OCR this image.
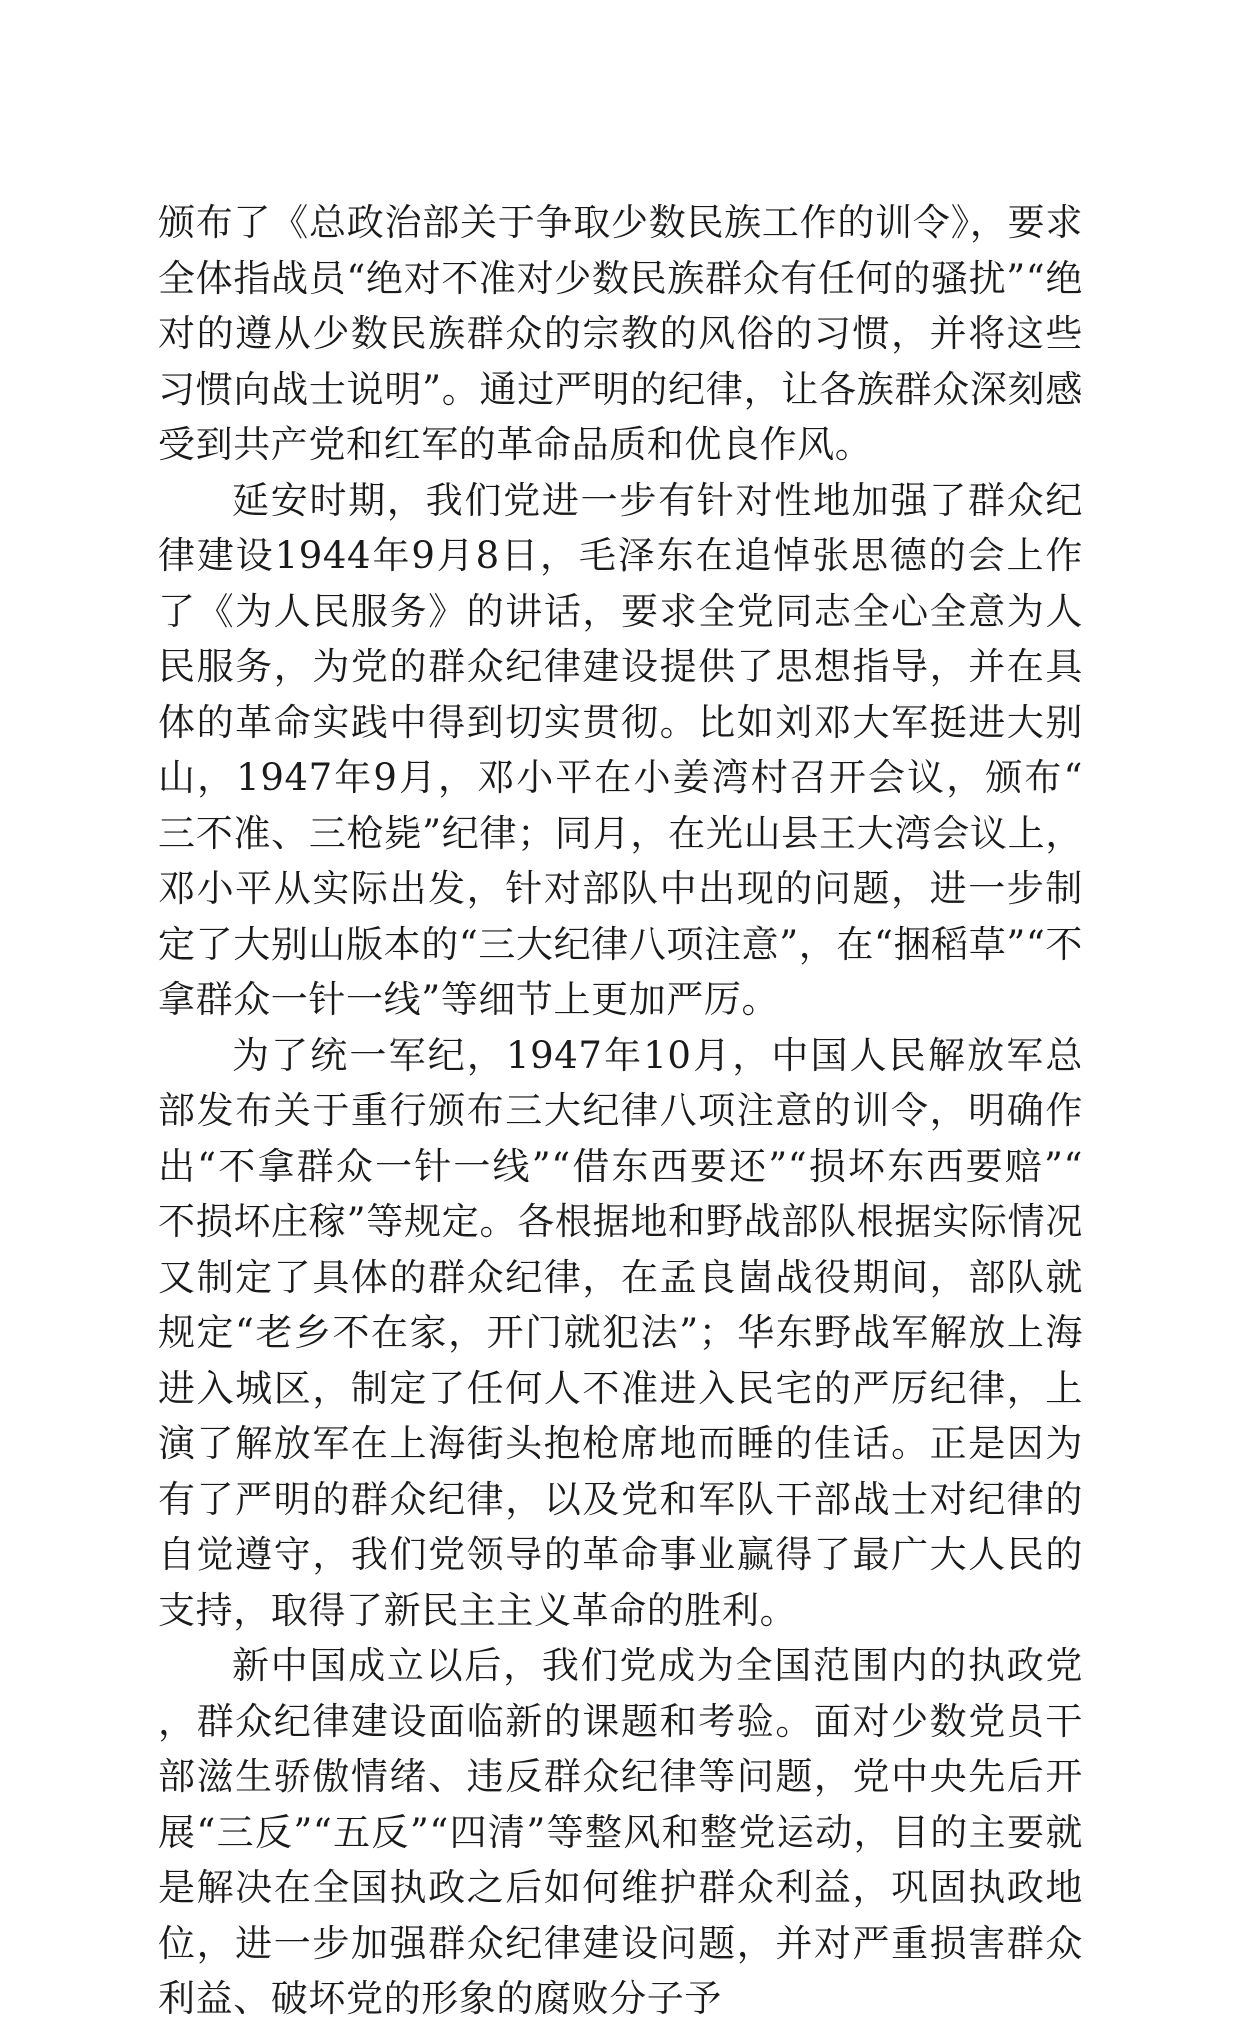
颁布了《总政治部关于争取少数民族工作的训令》，要求全体指战员“绝对不准对少数民族群众有任何的骚扰”“绝对的遵从少数民族群众的宗教的风俗的习惯，并将这些习惯向战士说明”。通过严明的纪律，让各族群众深刻感受到共产党和红军的革命品质和优良作风。

延安时期，我们党进一步有针对性地加强了群众纪律建设1944年9月8日，毛泽东在追悼张思德的会上作了《为人民服务》的讲话，要求全党同志全心全意为人民服务，为党的群众纪律建设提供了思想指导，并在具体的革命实践中得到切实贯彻。比如刘邓大军挺进大别山，1947年9月，邓小平在小姜湾村召开会议，颁布“三不准、三枪毙”纪律；同月，在光山县王大湾会议上，邓小平从实际出发，针对部队中出现的问题，进一步制定了大别山版本的“三大纪律八项注意”，在“捆稻草”“不拿群众一针一线”等细节上更加严厉。

为了统一军纪，1947年10月，中国人民解放军总部发布关于重行颁布三大纪律八项注意的训令，明确作出“不拿群众一针一线”“借东西要还”“损坏东西要赔”“不损坏庄稼”等规定。各根据地和野战部队根据实际情况又制定了具体的群众纪律，在孟良崮战役期间，部队就规定“老乡不在家，开门就犯法”；华东野战军解放上海进入城区，制定了任何人不准进入民宅的严厉纪律，上演了解放军在上海街头抱枪席地而睡的佳话。正是因为有了严明的群众纪律，以及党和军队干部战士对纪律的自觉遵守，我们党领导的革命事业赢得了最广大人民的支持，取得了新民主主义革命的胜利。

新中国成立以后，我们党成为全国范围内的执政党，群众纪律建设面临新的课题和考验。面对少数党员干部滋生骄傲情绪、违反群众纪律等问题，党中央先后开展“三反”“五反”“四清”等整风和整党运动，目的主要就是解决在全国执政之后如何维护群众利益，巩固执政地位，进一步加强群众纪律建设问题，并对严重损害群众利益、破坏党的形象的腐败分子予
